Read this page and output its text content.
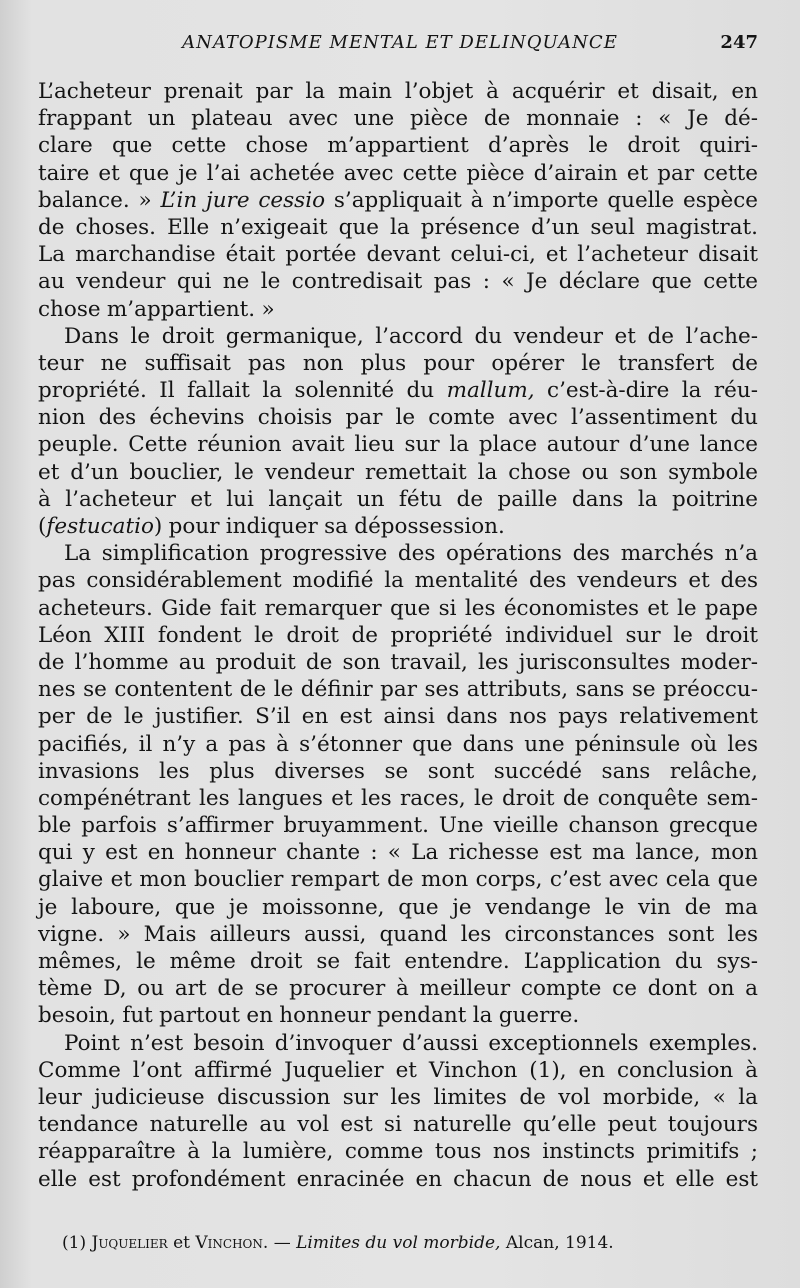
ANATOPISME MENTAL ET DELINQUANCE	247
L’acheteur prenait par la main l’objet à acquérir et disait, en
frappant un plateau avec une pièce de monnaie : « Je dé-
clare que cette chose m’appartient d’après le droit quiri-
taire et que je l’ai achetée avec cette pièce d’airain et par cette
balance. » L’in jure cessio s’appliquait à n’importe quelle espèce
de choses. Elle n’exigeait que la présence d’un seul magistrat.
La marchandise était portée devant celui-ci, et l’acheteur disait
au vendeur qui ne le contredisait pas : « Je déclare que cette
chose m’appartient. »
Dans le droit germanique, l’accord du vendeur et de l’ache-
teur ne suffisait pas non plus pour opérer le transfert de
propriété. Il fallait la solennité du mallum, c’est-à-dire la réu-
nion des échevins choisis par le comte avec l’assentiment du
peuple. Cette réunion avait lieu sur la place autour d’une lance
et d’un bouclier, le vendeur remettait la chose ou son symbole
à l’acheteur et lui lançait un fétu de paille dans la poitrine
(festucatio) pour indiquer sa dépossession.
La simplification progressive des opérations des marchés n’a
pas considérablement modifié la mentalité des vendeurs et des
acheteurs. Gide fait remarquer que si les économistes et le pape
Léon XIII fondent le droit de propriété individuel sur le droit
de l’homme au produit de son travail, les jurisconsultes moder-
nes se contentent de le définir par ses attributs, sans se préoccu-
per de le justifier. S’il en est ainsi dans nos pays relativement
pacifiés, il n’y a pas à s’étonner que dans une péninsule où les
invasions les plus diverses se sont succédé sans relâche,
compénétrant les langues et les races, le droit de conquête sem-
ble parfois s’affirmer bruyamment. Une vieille chanson grecque
qui y est en honneur chante : « La richesse est ma lance, mon
glaive et mon bouclier rempart de mon corps, c’est avec cela que
je laboure, que je moissonne, que je vendange le vin de ma
vigne. » Mais ailleurs aussi, quand les circonstances sont les
mêmes, le même droit se fait entendre. L’application du sys-
tème D, ou art de se procurer à meilleur compte ce dont on a
besoin, fut partout en honneur pendant la guerre.
Point n’est besoin d’invoquer d’aussi exceptionnels exemples.
Comme l’ont affirmé Juquelier et Vinchon (1), en conclusion à
leur judicieuse discussion sur les limites de vol morbide, « la
tendance naturelle au vol est si naturelle qu’elle peut toujours
réapparaître à la lumière, comme tous nos instincts primitifs ;
elle est profondément enracinée en chacun de nous et elle est
(1) Juquelier et Vinchon. — Limites du vol morbide, Alcan, 1914.
